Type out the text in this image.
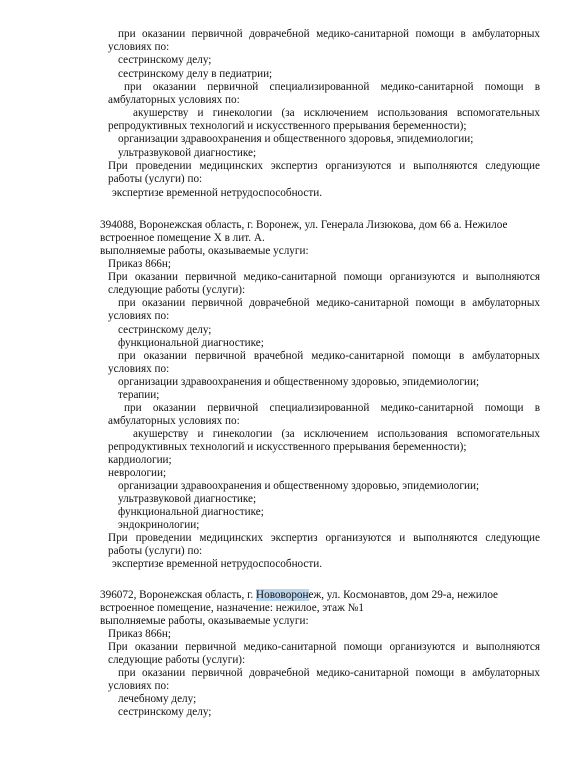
при оказании первичной доврачебной медико-санитарной помощи в амбулаторных
условиях по:
сестринскому делу;
сестринскому делу в педиатрии;
при оказании первичной специализированной медико-санитарной помощи в
амбулаторных условиях по:
акушерству и гинекологии (за исключением использования вспомогательных
репродуктивных технологий и искусственного прерывания беременности);
организации здравоохранения и общественного здоровья, эпидемиологии;
ультразвуковой диагностике;
При проведении медицинских экспертиз организуются и выполняются следующие
работы (услуги) по:
экспертизе временной нетрудоспособности.
394088, Воронежская область, г. Воронеж, ул. Генерала Лизюкова, дом 66 а. Нежилое
встроенное помещение X в лит. А.
выполняемые работы, оказываемые услуги:
Приказ 866н;
При оказании первичной медико-санитарной помощи организуются и выполняются
следующие работы (услуги):
при оказании первичной доврачебной медико-санитарной помощи в амбулаторных
условиях по:
сестринскому делу;
функциональной диагностике;
при оказании первичной врачебной медико-санитарной помощи в амбулаторных
условиях по:
организации здравоохранения и общественному здоровью, эпидемиологии;
терапии;
при оказании первичной специализированной медико-санитарной помощи в
амбулаторных условиях по:
акушерству и гинекологии (за исключением использования вспомогательных
репродуктивных технологий и искусственного прерывания беременности);
кардиологии;
неврологии;
организации здравоохранения и общественному здоровью, эпидемиологии;
ультразвуковой диагностике;
функциональной диагностике;
эндокринологии;
При проведении медицинских экспертиз организуются и выполняются следующие
работы (услуги) по:
экспертизе временной нетрудоспособности.
396072, Воронежская область, г. Нововоронеж, ул. Космонавтов, дом 29-а, нежилое
встроенное помещение, назначение: нежилое, этаж №1
выполняемые работы, оказываемые услуги:
Приказ 866н;
При оказании первичной медико-санитарной помощи организуются и выполняются
следующие работы (услуги):
при оказании первичной доврачебной медико-санитарной помощи в амбулаторных
условиях по:
лечебному делу;
сестринскому делу;
